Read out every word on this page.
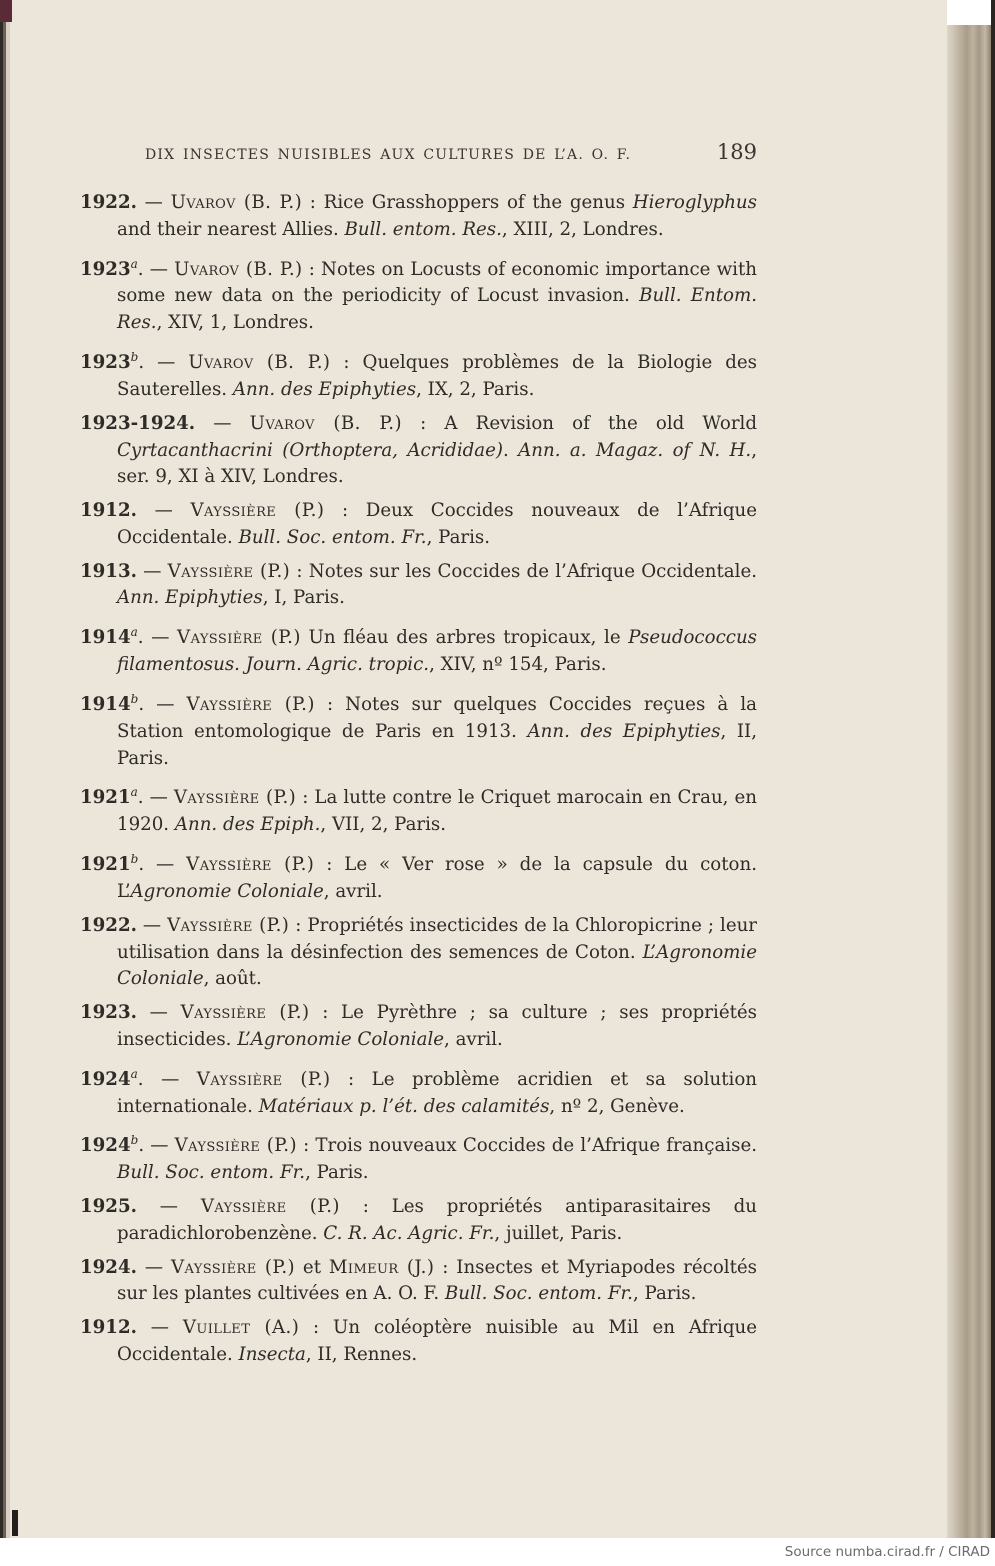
DIX INSECTES NUISIBLES AUX CULTURES DE L’A. O. F.	189

1922. — Uvarov (B. P.) : Rice Grasshoppers of the genus Hieroglyphus and their nearest Allies. Bull. entom. Res., XIII, 2, Londres.

1923$^a$. — Uvarov (B. P.) : Notes on Locusts of economic importance with some new data on the periodicity of Locust invasion. Bull. Entom. Res., XIV, 1, Londres.

1923$^b$. — Uvarov (B. P.) : Quelques problèmes de la Biologie des Sauterelles. Ann. des Epiphyties, IX, 2, Paris.

1923-1924. — Uvarov (B. P.) : A Revision of the old World Cyrtacanthacrini (Orthoptera, Acrididae). Ann. a. Magaz. of N. H., ser. 9, XI à XIV, Londres.

1912. — Vayssière (P.) : Deux Coccides nouveaux de l’Afrique Occidentale. Bull. Soc. entom. Fr., Paris.

1913. — Vayssière (P.) : Notes sur les Coccides de l’Afrique Occidentale. Ann. Epiphyties, I, Paris.

1914$^a$. — Vayssière (P.) Un fléau des arbres tropicaux, le Pseudococcus filamentosus. Journ. Agric. tropic., XIV, nº 154, Paris.

1914$^b$. — Vayssière (P.) : Notes sur quelques Coccides reçues à la Station entomologique de Paris en 1913. Ann. des Epiphyties, II, Paris.

1921$^a$. — Vayssière (P.) : La lutte contre le Criquet marocain en Crau, en 1920. Ann. des Epiph., VII, 2, Paris.

1921$^b$. — Vayssière (P.) : Le « Ver rose » de la capsule du coton. L’Agronomie Coloniale, avril.

1922. — Vayssière (P.) : Propriétés insecticides de la Chloropicrine ; leur utilisation dans la désinfection des semences de Coton. L’Agronomie Coloniale, août.

1923. — Vayssière (P.) : Le Pyrèthre ; sa culture ; ses propriétés insecticides. L’Agronomie Coloniale, avril.

1924$^a$. — Vayssière (P.) : Le problème acridien et sa solution internationale. Matériaux p. l’ét. des calamités, nº 2, Genève.

1924$^b$. — Vayssière (P.) : Trois nouveaux Coccides de l’Afrique française. Bull. Soc. entom. Fr., Paris.

1925. — Vayssière (P.) : Les propriétés antiparasitaires du paradichlorobenzène. C. R. Ac. Agric. Fr., juillet, Paris.

1924. — Vayssière (P.) et Mimeur (J.) : Insectes et Myriapodes récoltés sur les plantes cultivées en A. O. F. Bull. Soc. entom. Fr., Paris.

1912. — Vuillet (A.) : Un coléoptère nuisible au Mil en Afrique Occidentale. Insecta, II, Rennes.

Source numba.cirad.fr / CIRAD
